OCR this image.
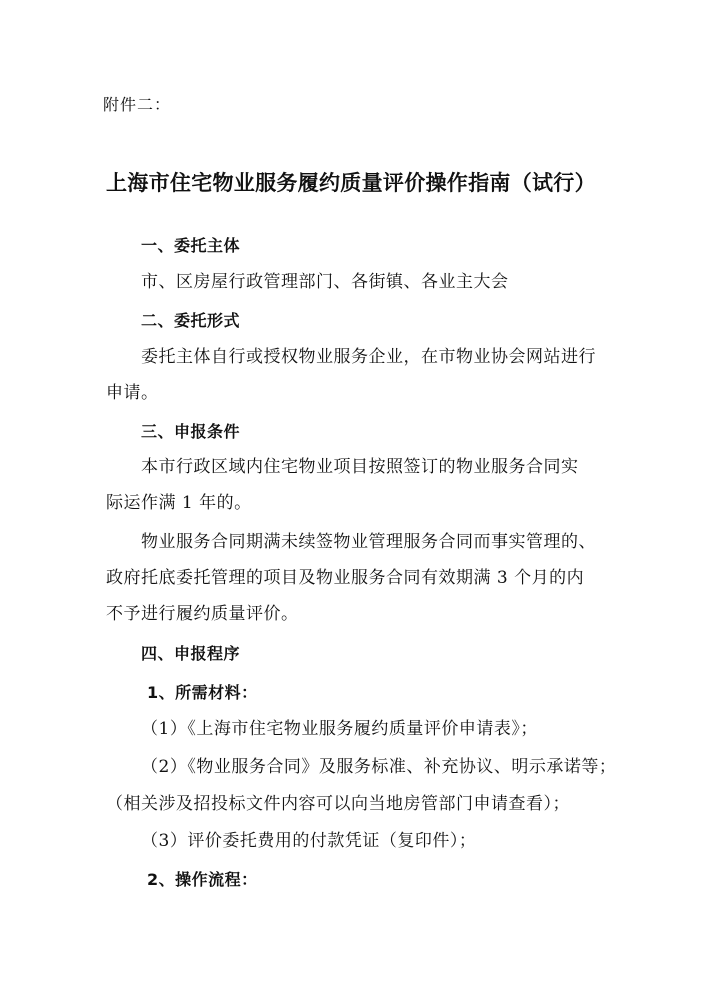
附件二：
上海市住宅物业服务履约质量评价操作指南（试行）
一、委托主体
市、区房屋行政管理部门、各街镇、各业主大会
二、委托形式
委托主体自行或授权物业服务企业，在市物业协会网站进行
申请。
三、申报条件
本市行政区域内住宅物业项目按照签订的物业服务合同实
际运作满 1 年的。
物业服务合同期满未续签物业管理服务合同而事实管理的、
政府托底委托管理的项目及物业服务合同有效期满 3 个月的内
不予进行履约质量评价。
四、申报程序
1、所需材料：
（1）《上海市住宅物业服务履约质量评价申请表》；
（2）《物业服务合同》及服务标准、补充协议、明示承诺等；
（相关涉及招投标文件内容可以向当地房管部门申请查看）；
（3）评价委托费用的付款凭证（复印件）；
2、操作流程：
